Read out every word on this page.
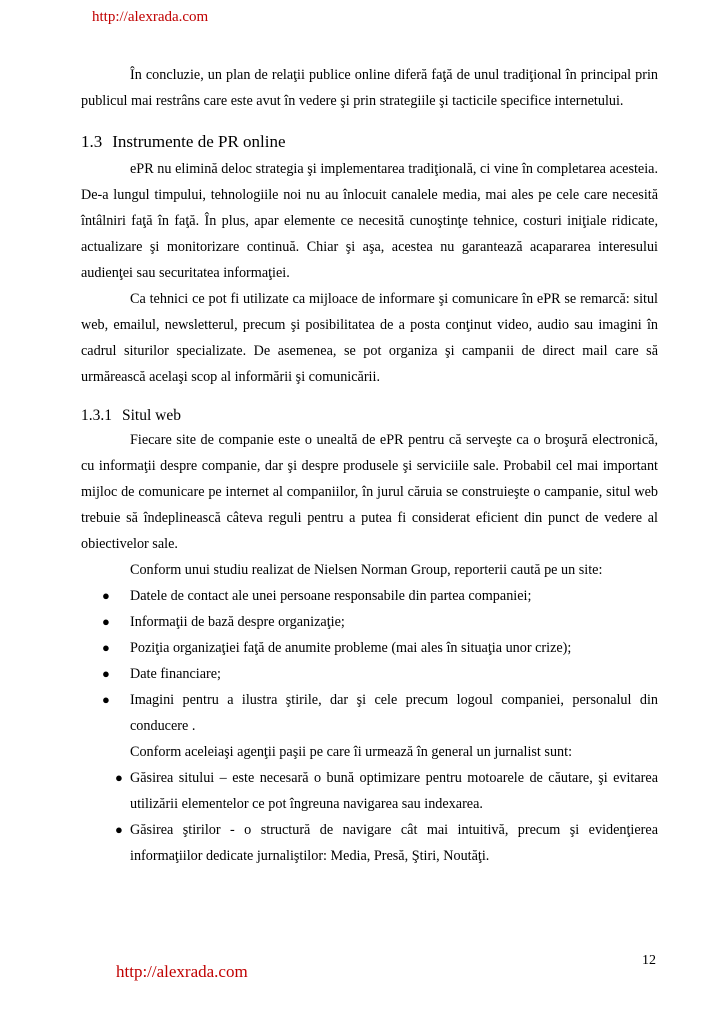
http://alexrada.com

În concluzie, un plan de relaţii publice online diferă faţă de unul tradiţional în principal prin publicul mai restrâns care este avut în vedere şi prin strategiile şi tacticile specifice internetului.

1.3 Instrumente de PR online

ePR nu elimină deloc strategia şi implementarea tradiţională, ci vine în completarea acesteia. De-a lungul timpului, tehnologiile noi nu au înlocuit canalele media, mai ales pe cele care necesită întâlniri faţă în faţă. În plus, apar elemente ce necesită cunoştinţe tehnice, costuri iniţiale ridicate, actualizare şi monitorizare continuă. Chiar şi aşa, acestea nu garantează acapararea interesului audienţei sau securitatea informaţiei.

Ca tehnici ce pot fi utilizate ca mijloace de informare şi comunicare în ePR se remarcă: situl web, emailul, newsletterul, precum şi posibilitatea de a posta conţinut video, audio sau imagini în cadrul siturilor specializate. De asemenea, se pot organiza şi campanii de direct mail care să urmărească acelaşi scop al informării şi comunicării.

1.3.1 Situl web

Fiecare site de companie este o unealtă de ePR pentru că serveşte ca o broşură electronică, cu informaţii despre companie, dar şi despre produsele şi serviciile sale. Probabil cel mai important mijloc de comunicare pe internet al companiilor, în jurul căruia se construieşte o campanie, situl web trebuie să îndeplinească câteva reguli pentru a putea fi considerat eficient din punct de vedere al obiectivelor sale.

Conform unui studiu realizat de Nielsen Norman Group, reporterii caută pe un site:

● Datele de contact ale unei persoane responsabile din partea companiei;
● Informaţii de bază despre organizaţie;
● Poziţia organizaţiei faţă de anumite probleme (mai ales în situaţia unor crize);
● Date financiare;
● Imagini pentru a ilustra ştirile, dar şi cele precum logoul companiei, personalul din conducere .

Conform aceleiaşi agenţii paşii pe care îi urmează în general un jurnalist sunt:

● Găsirea sitului – este necesară o bună optimizare pentru motoarele de căutare, şi evitarea utilizării elementelor ce pot îngreuna navigarea sau indexarea.
● Găsirea ştirilor - o structură de navigare cât mai intuitivă, precum şi evidenţierea informaţiilor dedicate jurnaliştilor: Media, Presă, Ştiri, Noutăţi.
12
http://alexrada.com
